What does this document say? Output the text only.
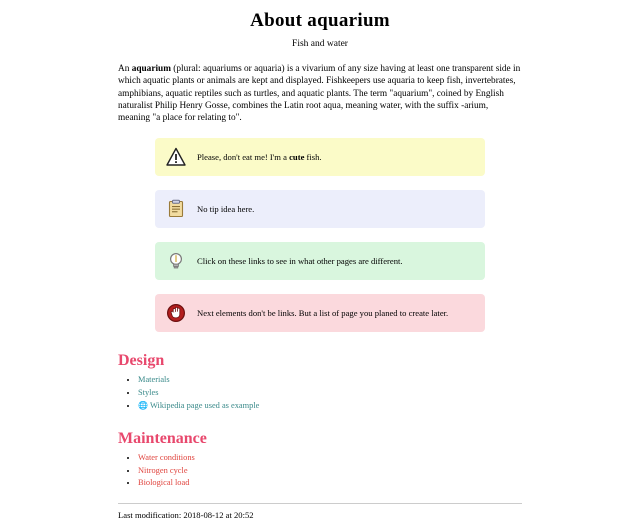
About aquarium
Fish and water

An aquarium (plural: aquariums or aquaria) is a vivarium of any size having at least one transparent side in which aquatic plants or animals are kept and displayed. Fishkeepers use aquaria to keep fish, invertebrates, amphibians, aquatic reptiles such as turtles, and aquatic plants. The term "aquarium", coined by English naturalist Philip Henry Gosse, combines the Latin root aqua, meaning water, with the suffix -arium, meaning "a place for relating to".

Please, don't eat me! I'm a cute fish.
No tip idea here.
Click on these links to see in what other pages are different.
Next elements don't be links. But a list of page you planed to create later.
Design
• Materials
• Styles
• 🌐 Wikipedia page used as example
Maintenance
• Water conditions
• Nitrogen cycle
• Biological load
Last modification: 2018-08-12 at 20:52
